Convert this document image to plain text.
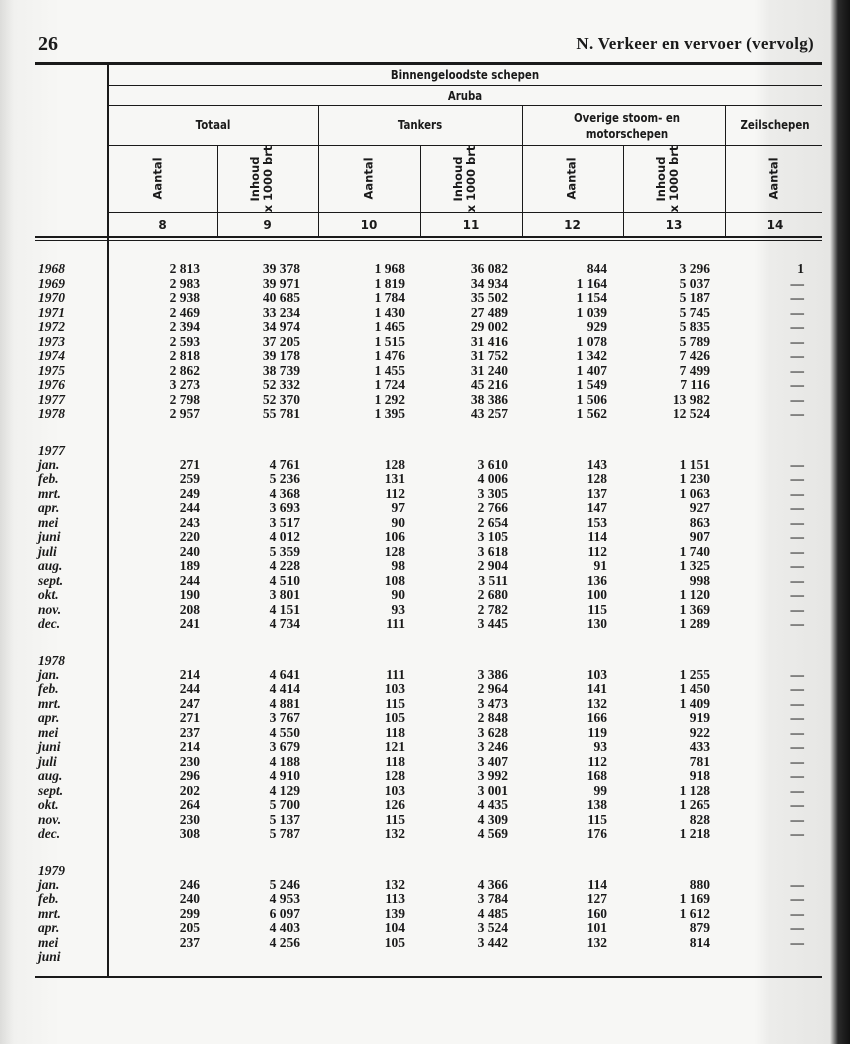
26	N. Verkeer en vervoer (vervolg)
Binnengeloodste schepen
Aruba
Totaal	Tankers	Overige stoom- en motorschepen
Zeilschepen
Aantal	Inhoud
x 1000 brt	Aantal	Inhoud
x 1000 brt	Aantal	Inhoud
x 1000 brt	Aantal
8	9	10	11	12	13	14
1968	2 813	39 378	1 968	36 082	844	3 296	1
1969	2 983	39 971	1 819	34 934	1 164	5 037	—
1970	2 938	40 685	1 784	35 502	1 154	5 187	—
1971	2 469	33 234	1 430	27 489	1 039	5 745	—
1972	2 394	34 974	1 465	29 002	929	5 835	—
1973	2 593	37 205	1 515	31 416	1 078	5 789	—
1974	2 818	39 178	1 476	31 752	1 342	7 426	—
1975	2 862	38 739	1 455	31 240	1 407	7 499	—
1976	3 273	52 332	1 724	45 216	1 549	7 116	—
1977	2 798	52 370	1 292	38 386	1 506	13 982	—
1978	2 957	55 781	1 395	43 257	1 562	12 524	—
1977
jan.	271	4 761	128	3 610	143	1 151	—
feb.	259	5 236	131	4 006	128	1 230	—
mrt.	249	4 368	112	3 305	137	1 063	—
apr.	244	3 693	97	2 766	147	927	—
mei	243	3 517	90	2 654	153	863	—
juni	220	4 012	106	3 105	114	907	—
juli	240	5 359	128	3 618	112	1 740	—
aug.	189	4 228	98	2 904	91	1 325	—
sept.	244	4 510	108	3 511	136	998	—
okt.	190	3 801	90	2 680	100	1 120	—
nov.	208	4 151	93	2 782	115	1 369	—
dec.	241	4 734	111	3 445	130	1 289	—
1978
jan.	214	4 641	111	3 386	103	1 255	—
feb.	244	4 414	103	2 964	141	1 450	—
mrt.	247	4 881	115	3 473	132	1 409	—
apr.	271	3 767	105	2 848	166	919	—
mei	237	4 550	118	3 628	119	922	—
juni	214	3 679	121	3 246	93	433	—
juli	230	4 188	118	3 407	112	781	—
aug.	296	4 910	128	3 992	168	918	—
sept.	202	4 129	103	3 001	99	1 128	—
okt.	264	5 700	126	4 435	138	1 265	—
nov.	230	5 137	115	4 309	115	828	—
dec.	308	5 787	132	4 569	176	1 218	—
1979
jan.	246	5 246	132	4 366	114	880	—
feb.	240	4 953	113	3 784	127	1 169	—
mrt.	299	6 097	139	4 485	160	1 612	—
apr.	205	4 403	104	3 524	101	879	—
mei	237	4 256	105	3 442	132	814	—
juni
